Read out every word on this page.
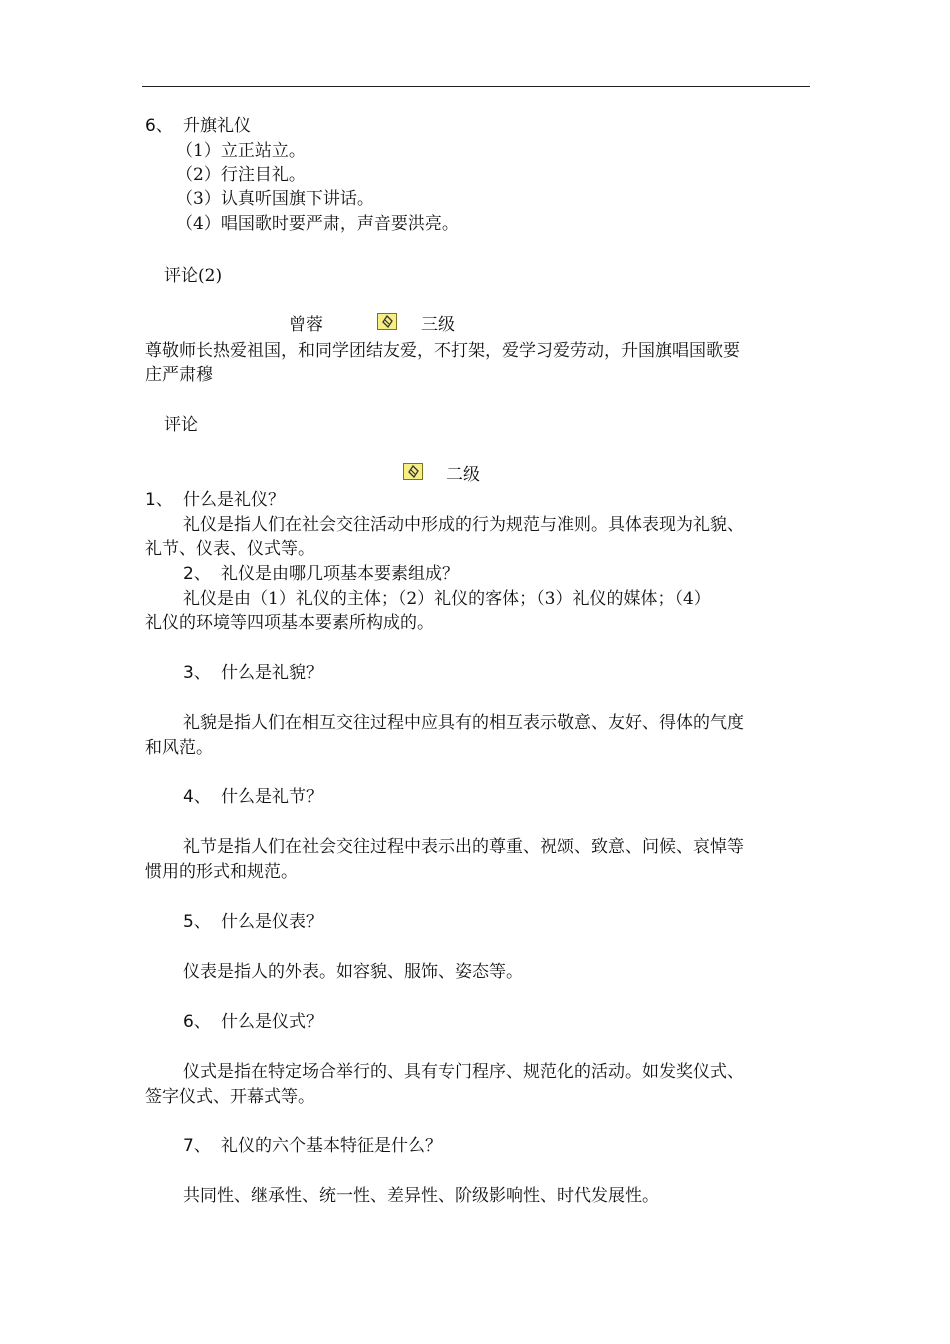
6、 升旗礼仪
（1）立正站立。
（2）行注目礼。
（3）认真听国旗下讲话。
（4）唱国歌时要严肃，声音要洪亮。
评论(2)
曾蓉	三级
尊敬师长热爱祖国，和同学团结友爱，不打架，爱学习爱劳动，升国旗唱国歌要
庄严肃穆
评论
二级
1、 什么是礼仪？
礼仪是指人们在社会交往活动中形成的行为规范与准则。具体表现为礼貌、
礼节、仪表、仪式等。
2、 礼仪是由哪几项基本要素组成？
礼仪是由（1）礼仪的主体；（2）礼仪的客体；（3）礼仪的媒体；（4）
礼仪的环境等四项基本要素所构成的。
3、 什么是礼貌？
礼貌是指人们在相互交往过程中应具有的相互表示敬意、友好、得体的气度
和风范。
4、 什么是礼节？
礼节是指人们在社会交往过程中表示出的尊重、祝颂、致意、问候、哀悼等
惯用的形式和规范。
5、 什么是仪表？
仪表是指人的外表。如容貌、服饰、姿态等。
6、 什么是仪式？
仪式是指在特定场合举行的、具有专门程序、规范化的活动。如发奖仪式、
签字仪式、开幕式等。
7、 礼仪的六个基本特征是什么？
共同性、继承性、统一性、差异性、阶级影响性、时代发展性。
